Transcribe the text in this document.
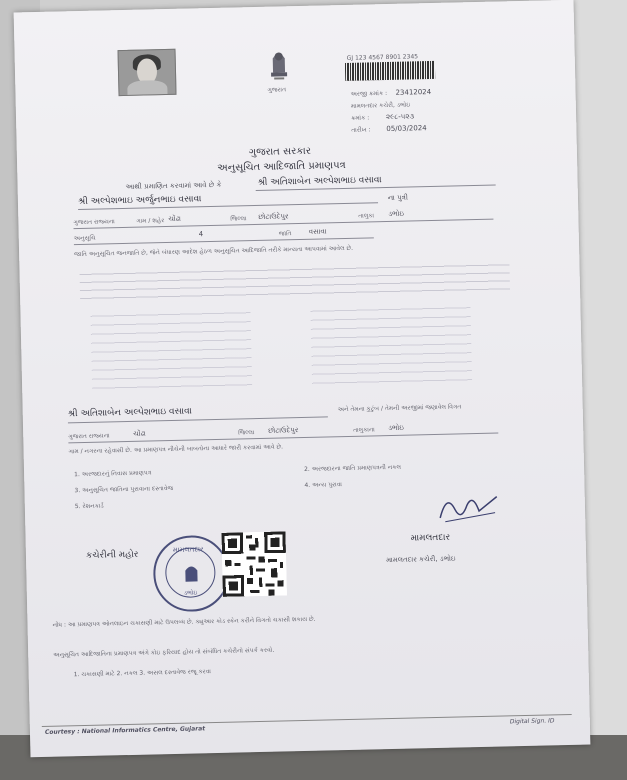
ગુજરાત
GJ 123 4567 8901 2345
અરજી ક્રમાંક : 23412024
મામલતદાર કચેરી, ડભોઇ
ક્રમાંક : ૨૯૮-૫૨૩
તારીખ : 05/03/2024
ગુજરાત સરકાર
અનુસૂચિત આદિજાતિ પ્રમાણપત્ર
આથી પ્રમાણિત કરવામાં આવે છે કે	શ્રી અતિશાબેન અલ્પેશભાઇ વસાવા
શ્રી અલ્પેશભાઇ અર્જુનભાઇ વસાવા	ના પુત્રી
ગુજરાત રાજ્યના	ગામ / શહેર ચોંઢા	જિલ્લા છોટાઉદેપુર	તાલુકા ડભોઇ
અનુસૂચિ
4	જાતિ વસાવા
જાતિ અનુસૂચિત જનજાતિ છે, જેને બંધારણ આદેશ હેઠળ અનુસૂચિત આદિજાતિ તરીકે માન્યતા આપવામાં આવેલ છે.
શ્રી અતિશાબેન અલ્પેશભાઇ વસાવા	અને તેમના કુટુંબ / તેમની અરજીમાં જણાવેલ વિગત
ગુજરાત રાજ્યના	ચોંઢા	જિલ્લા છોટાઉદેપુર	તાલુકાના ડભોઇ
ગામ / નગરના રહેવાસી છે. આ પ્રમાણપત્ર નીચેની બાબતોના આધારે જારી કરવામાં આવે છે.
1. અરજદારનું નિવાસ પ્રમાણપત્ર
2. અરજદારના જાતિ પ્રમાણપત્રની નકલ
3. અનુસૂચિત જાતિના પુરાવાના દસ્તાવેજ	4. અન્ય પુરાવા
5. રેશનકાર્ડ
મામલતદાર
મામલતદાર કચેરી, ડભોઇ
કચેરીની મહોર
મામલતદાર
ડભોઇ
નોંધ : આ પ્રમાણપત્ર ઓનલાઇન ચકાસણી માટે ઉપલબ્ધ છે. ક્યુઆર કોડ સ્કેન કરીને વિગતો ચકાસી શકાય છે.
અનુસૂચિત આદિજાતિના પ્રમાણપત્ર અંગે કોઇ ફરિયાદ હોય તો સંબંધિત કચેરીનો સંપર્ક કરવો.
1. ચકાસણી માટે 2. નકલ 3. અસલ દસ્તાવેજ રજૂ કરવા
Courtesy : National Informatics Centre, Gujarat
Digital Sign. ID
